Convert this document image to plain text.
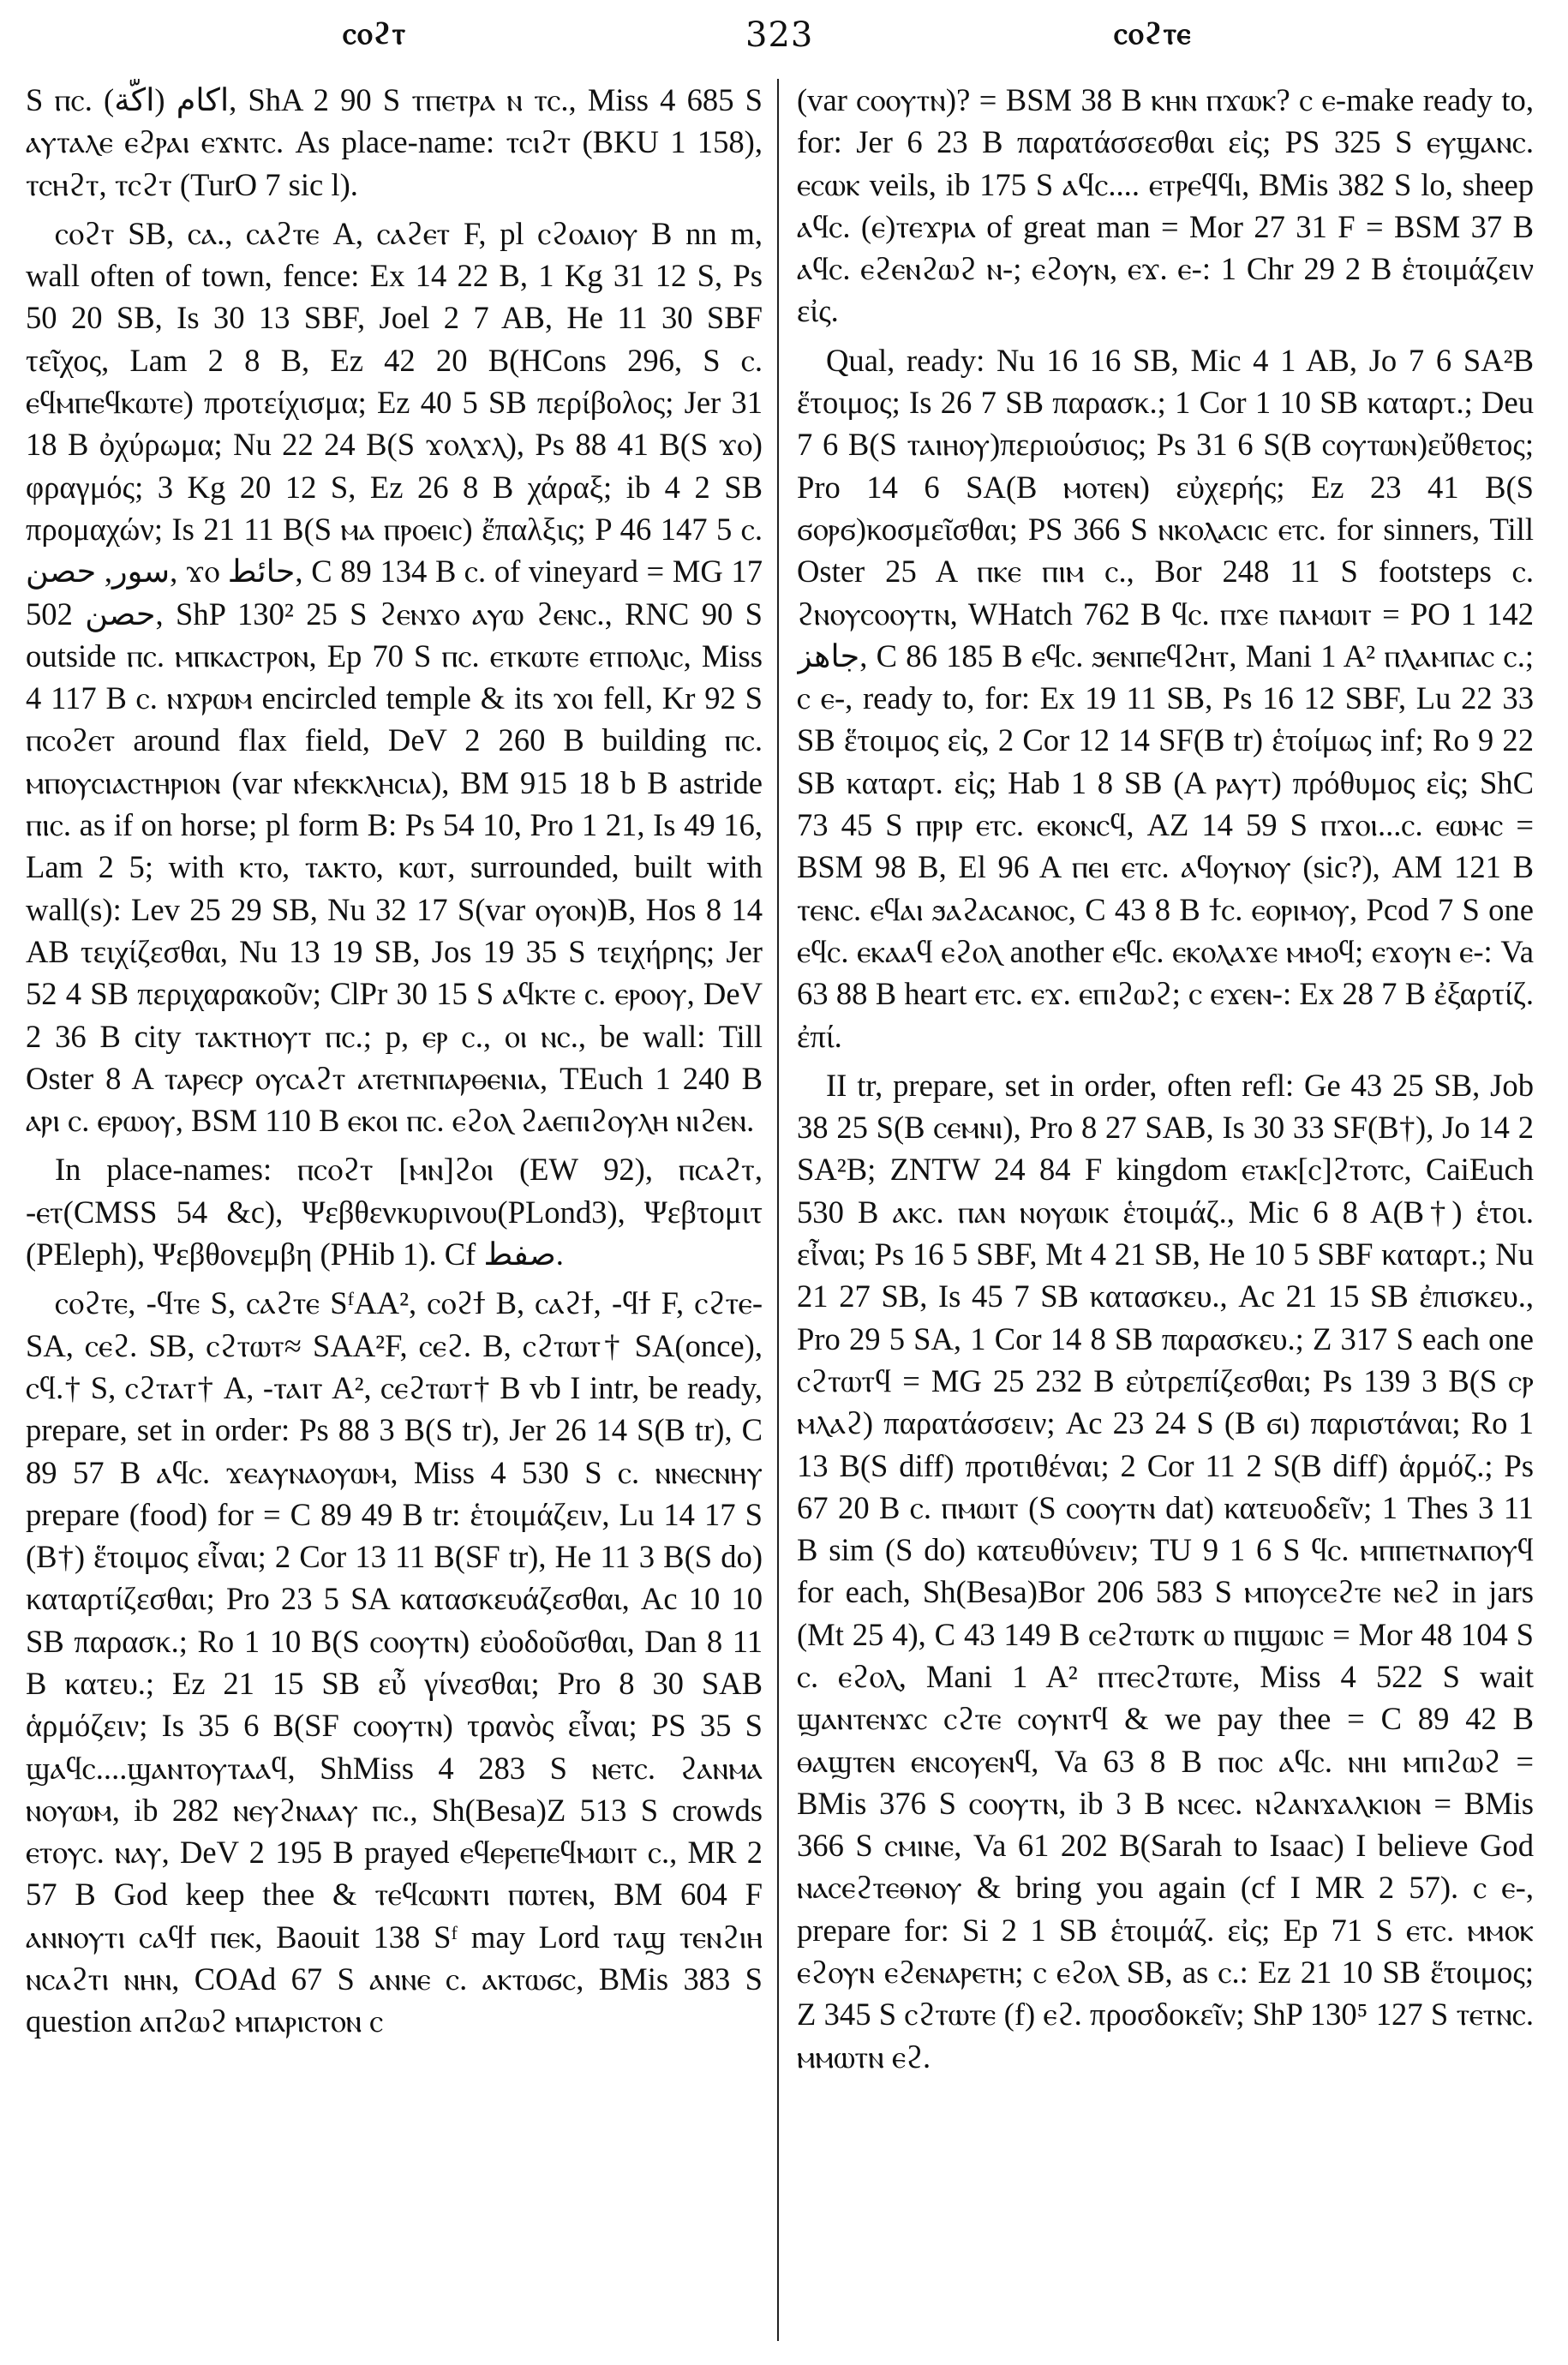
ⲥⲟϩⲧ	323	ⲥⲟϩⲧⲉ

S ⲡⲥ. اكام (اكّة), ShA 2 90 S ⲧⲡⲉⲧⲣⲁ ⲛ ⲧⲥ., Miss 4 685 S ⲁⲩⲧⲁⲗⲉ ⲉϩⲣⲁⲓ ⲉϫⲛⲧⲥ. As place-name: ⲧⲥⲓϩⲧ (BKU 1 158), ⲧⲥⲏϩⲧ, ⲧⲥϩⲧ (TurO 7 sic l).

ⲥⲟϩⲧ SB, ⲥⲁ., ⲥⲁϩⲧⲉ A, ⲥⲁϩⲉⲧ F, pl ⲥϩⲟⲁⲓⲟⲩ B nn m, wall often of town, fence: Ex 14 22 B, 1 Kg 31 12 S, Ps 50 20 SB, Is 30 13 SBF, Joel 2 7 AB, He 11 30 SBF τεῖχος, Lam 2 8 B, Ez 42 20 B(HCons 296, S ⲥ. ⲉϥⲙⲡⲉϥⲕⲱⲧⲉ) προτείχισμα; Ez 40 5 SB περίβολος; Jer 31 18 B ὀχύρωμα; Nu 22 24 B(S ϫⲟⲗϫⲗ), Ps 88 41 B(S ϫⲟ) φραγμός; 3 Kg 20 12 S, Ez 26 8 B χάραξ; ib 4 2 SB προμαχών; Is 21 11 B(S ⲙⲁ ⲡⲣⲟⲉⲓⲥ) ἔπαλξις; P 46 147 5 ⲥ. سور, حصن, ϫⲟ حائط, C 89 134 B ⲥ. of vineyard = MG 17 502 حصن, ShP 130² 25 S ϩⲉⲛϫⲟ ⲁⲩⲱ ϩⲉⲛⲥ., RNC 90 S outside ⲡⲥ. ⲙⲡⲕⲁⲥⲧⲣⲟⲛ, Ep 70 S ⲡⲥ. ⲉⲧⲕⲱⲧⲉ ⲉⲧⲡⲟⲗⲓⲥ, Miss 4 117 B ⲥ. ⲛϫⲣⲱⲙ encircled temple & its ϫⲟⲓ fell, Kr 92 S ⲡⲥⲟϩⲉⲧ around flax field, DeV 2 260 B building ⲡⲥ. ⲙⲡⲟⲩⲥⲓⲁⲥⲧⲏⲣⲓⲟⲛ (var ⲛϯⲉⲕⲕⲗⲏⲥⲓⲁ), BM 915 18 b B astride ⲡⲓⲥ. as if on horse; pl form B: Ps 54 10, Pro 1 21, Is 49 16, Lam 2 5; with ⲕⲧⲟ, ⲧⲁⲕⲧⲟ, ⲕⲱⲧ, surrounded, built with wall(s): Lev 25 29 SB, Nu 32 17 S(var ⲟⲩⲟⲛ)B, Hos 8 14 AB τειχίζεσθαι, Nu 13 19 SB, Jos 19 35 S τειχήρης; Jer 52 4 SB περιχαρακοῦν; ClPr 30 15 S ⲁϥⲕⲧⲉ ⲥ. ⲉⲣⲟⲟⲩ, DeV 2 36 B city ⲧⲁⲕⲧⲏⲟⲩⲧ ⲡⲥ.; p, ⲉⲣ ⲥ., ⲟⲓ ⲛⲥ., be wall: Till Oster 8 A ⲧⲁⲣⲉⲥⲣ ⲟⲩⲥⲁϩⲧ ⲁⲧⲉⲧⲛⲡⲁⲣⲑⲉⲛⲓⲁ, TEuch 1 240 B ⲁⲣⲓ ⲥ. ⲉⲣⲱⲟⲩ, BSM 110 B ⲉⲕⲟⲓ ⲡⲥ. ⲉϩⲟⲗ ϩⲁⲉⲡⲓϩⲟⲩⲗⲏ ⲛⲓϩⲉⲛ.

In place-names: ⲡⲥⲟϩⲧ [ⲙⲛ]ϩⲟⲓ (EW 92), ⲡⲥⲁϩⲧ, -ⲉⲧ(CMSS 54 &c), Ψεβθενκυρινου(PLond3), Ψεβτομιτ (PEleph), Ψεβθονεμβη (PHib 1). Cf صفط.

ⲥⲟϩⲧⲉ, -ϥⲧⲉ S, ⲥⲁϩⲧⲉ SᶠAA², ⲥⲟϩϯ B, ⲥⲁϩϯ, -ϥϯ F, ⲥϩⲧⲉ- SA, ⲥⲉϩ. SB, ⲥϩⲧⲱⲧ≈ SAA²F, ⲥⲉϩ. B, ⲥϩⲧⲱⲧ† SA(once), ⲥϥ.† S, ⲥϩⲧⲁⲧ† A, -ⲧⲁⲓⲧ A², ⲥⲉϩⲧⲱⲧ† B vb I intr, be ready, prepare, set in order: Ps 88 3 B(S tr), Jer 26 14 S(B tr), C 89 57 B ⲁϥⲥ. ϫⲉⲁⲩⲛⲁⲟⲩⲱⲙ, Miss 4 530 S ⲥ. ⲛⲛⲉⲥⲛⲏⲩ prepare (food) for = C 89 49 B tr: ἑτοιμάζειν, Lu 14 17 S (B†) ἕτοιμος εἶναι; 2 Cor 13 11 B(SF tr), He 11 3 B(S do) καταρτίζεσθαι; Pro 23 5 SA κατασκευάζεσθαι, Ac 10 10 SB παρασκ.; Ro 1 10 B(S ⲥⲟⲟⲩⲧⲛ) εὐοδοῦσθαι, Dan 8 11 B κατευ.; Ez 21 15 SB εὖ γίνεσθαι; Pro 8 30 SAB ἁρμόζειν; Is 35 6 B(SF ⲥⲟⲟⲩⲧⲛ) τρανὸς εἶναι; PS 35 S ϣⲁϥⲥ....ϣⲁⲛⲧⲟⲩⲧⲁⲁϥ, ShMiss 4 283 S ⲛⲉⲧⲥ. ϩⲁⲛⲙⲁ ⲛⲟⲩⲱⲙ, ib 282 ⲛⲉⲩϩⲛⲁⲁⲩ ⲡⲥ., Sh(Besa)Z 513 S crowds ⲉⲧⲟⲩⲥ. ⲛⲁⲩ, DeV 2 195 B prayed ⲉϥⲉⲣⲉⲡⲉϥⲙⲱⲓⲧ ⲥ., MR 2 57 B God keep thee & ⲧⲉϥⲥⲱⲛⲧⲓ ⲡⲱⲧⲉⲛ, BM 604 F ⲁⲛⲛⲟⲩⲧⲓ ⲥⲁϥϯ ⲡⲉⲕ, Baouit 138 Sᶠ may Lord ⲧⲁϣ ⲧⲉⲛϩⲓⲏ ⲛⲥⲁϩⲧⲓ ⲛⲏⲛ, COAd 67 S ⲁⲛⲛⲉ ⲥ. ⲁⲕⲧⲱϭⲥ, BMis 383 S question ⲁⲡϩⲱϩ ⲙⲡⲁⲣⲓⲥⲧⲟⲛ ⲥ

(var ⲥⲟⲟⲩⲧⲛ)? = BSM 38 B ⲕⲏⲛ ⲡϫⲱⲕ? ⲥ ⲉ-make ready to, for: Jer 6 23 B παρατάσσεσθαι εἰς; PS 325 S ⲉⲩϣⲁⲛⲥ. ⲉⲥⲱⲕ veils, ib 175 S ⲁϥⲥ.... ⲉⲧⲣⲉϥϥⲓ, BMis 382 S lo, sheep ⲁϥⲥ. (ⲉ)ⲧⲉϫⲣⲓⲁ of great man = Mor 27 31 F = BSM 37 B ⲁϥⲥ. ⲉϩⲉⲛϩⲱϩ ⲛ-; ⲉϩⲟⲩⲛ, ⲉϫ. ⲉ-: 1 Chr 29 2 B ἑτοιμάζειν εἰς.

Qual, ready: Nu 16 16 SB, Mic 4 1 AB, Jo 7 6 SA²B ἕτοιμος; Is 26 7 SB παρασκ.; 1 Cor 1 10 SB καταρτ.; Deu 7 6 B(S ⲧⲁⲓⲏⲟⲩ)περιούσιος; Ps 31 6 S(B ⲥⲟⲩⲧⲱⲛ)εὔθετος; Pro 14 6 SA(B ⲙⲟⲧⲉⲛ) εὐχερής; Ez 23 41 B(S ϭⲟⲣϭ)κοσμεῖσθαι; PS 366 S ⲛⲕⲟⲗⲁⲥⲓⲥ ⲉⲧⲥ. for sinners, Till Oster 25 A ⲡⲕⲉ ⲡⲓⲙ ⲥ., Bor 248 11 S footsteps ⲥ. ϩⲛⲟⲩⲥⲟⲟⲩⲧⲛ, WHatch 762 B ϥⲥ. ⲡϫⲉ ⲡⲁⲙⲱⲓⲧ = PO 1 142 جاهز, C 86 185 B ⲉϥⲥ. ϧⲉⲛⲡⲉϥϩⲏⲧ, Mani 1 A² ⲡⲗⲁⲙⲡⲁⲥ ⲥ.; ⲥ ⲉ-, ready to, for: Ex 19 11 SB, Ps 16 12 SBF, Lu 22 33 SB ἕτοιμος εἰς, 2 Cor 12 14 SF(B tr) ἑτοίμως inf; Ro 9 22 SB καταρτ. εἰς; Hab 1 8 SB (A ⲣⲁⲩⲧ) πρόθυμος εἰς; ShC 73 45 S ⲡⲣⲓⲣ ⲉⲧⲥ. ⲉⲕⲟⲛⲥϥ, AZ 14 59 S ⲡϫⲟⲓ...ⲥ. ⲉⲱⲙⲥ = BSM 98 B, El 96 A ⲡⲉⲓ ⲉⲧⲥ. ⲁϥⲟⲩⲛⲟⲩ (sic?), AM 121 B ⲧⲉⲛⲥ. ⲉϥⲁⲓ ϧⲁϩⲁⲥⲁⲛⲟⲥ, C 43 8 B ϯⲥ. ⲉⲟⲣⲓⲙⲟⲩ, Pcod 7 S one ⲉϥⲥ. ⲉⲕⲁⲁϥ ⲉϩⲟⲗ another ⲉϥⲥ. ⲉⲕⲟⲗⲁϫⲉ ⲙⲙⲟϥ; ⲉϫⲟⲩⲛ ⲉ-: Va 63 88 B heart ⲉⲧⲥ. ⲉϫ. ⲉⲡⲓϩⲱϩ; ⲥ ⲉϫⲉⲛ-: Ex 28 7 B ἐξαρτίζ. ἐπί.

II tr, prepare, set in order, often refl: Ge 43 25 SB, Job 38 25 S(B ⲥⲉⲙⲛⲓ), Pro 8 27 SAB, Is 30 33 SF(B†), Jo 14 2 SA²B; ZNTW 24 84 F kingdom ⲉⲧⲁⲕ[ⲥ]ϩⲧⲟⲧⲥ, CaiEuch 530 B ⲁⲕⲥ. ⲡⲁⲛ ⲛⲟⲩⲱⲓⲕ ἑτοιμάζ., Mic 6 8 A(B†) ἑτοι. εἶναι; Ps 16 5 SBF, Mt 4 21 SB, He 10 5 SBF καταρτ.; Nu 21 27 SB, Is 45 7 SB κατασκευ., Ac 21 15 SB ἐπισκευ., Pro 29 5 SA, 1 Cor 14 8 SB παρασκευ.; Z 317 S each one ⲥϩⲧⲱⲧϥ = MG 25 232 B εὐτρεπίζεσθαι; Ps 139 3 B(S ⲥⲣ ⲙⲗⲁϩ) παρατάσσειν; Ac 23 24 S (B ϭⲓ) παριστάναι; Ro 1 13 B(S diff) προτιθέναι; 2 Cor 11 2 S(B diff) ἁρμόζ.; Ps 67 20 B ⲥ. ⲡⲙⲱⲓⲧ (S ⲥⲟⲟⲩⲧⲛ dat) κατευοδεῖν; 1 Thes 3 11 B sim (S do) κατευθύνειν; TU 9 1 6 S ϥⲥ. ⲙⲡⲡⲉⲧⲛⲁⲡⲟⲩϥ for each, Sh(Besa)Bor 206 583 S ⲙⲡⲟⲩⲥⲉϩⲧⲉ ⲛⲉϩ in jars (Mt 25 4), C 43 149 B ⲥⲉϩⲧⲱⲧⲕ ⲱ ⲡⲓϣⲱⲓⲥ = Mor 48 104 S ⲥ. ⲉϩⲟⲗ, Mani 1 A² ⲡⲧⲉⲥϩⲧⲱⲧⲉ, Miss 4 522 S wait ϣⲁⲛⲧⲉⲛϫⲥ ⲥϩⲧⲉ ⲥⲟⲩⲛⲧϥ & we pay thee = C 89 42 B ⲑⲁϣⲧⲉⲛ ⲉⲛⲥⲟⲩⲉⲛϥ, Va 63 8 B ⲡⲟⲥ ⲁϥⲥ. ⲛⲏⲓ ⲙⲡⲓϩⲱϩ = BMis 376 S ⲥⲟⲟⲩⲧⲛ, ib 3 B ⲛⲥⲉⲥ. ⲛϩⲁⲛϫⲁⲗⲕⲓⲟⲛ = BMis 366 S ⲥⲙⲓⲛⲉ, Va 61 202 B(Sarah to Isaac) I believe God ⲛⲁⲥⲉϩⲧⲉⲑⲛⲟⲩ & bring you again (cf I MR 2 57). ⲥ ⲉ-, prepare for: Si 2 1 SB ἑτοιμάζ. εἰς; Ep 71 S ⲉⲧⲥ. ⲙⲙⲟⲕ ⲉϩⲟⲩⲛ ⲉϩⲉⲛⲁⲣⲉⲧⲏ; ⲥ ⲉϩⲟⲗ SB, as ⲥ.: Ez 21 10 SB ἕτοιμος; Z 345 S ⲥϩⲧⲱⲧⲉ (f) ⲉϩ. προσδοκεῖν; ShP 130⁵ 127 S ⲧⲉⲧⲛⲥ. ⲙⲙⲱⲧⲛ ⲉϩ.
